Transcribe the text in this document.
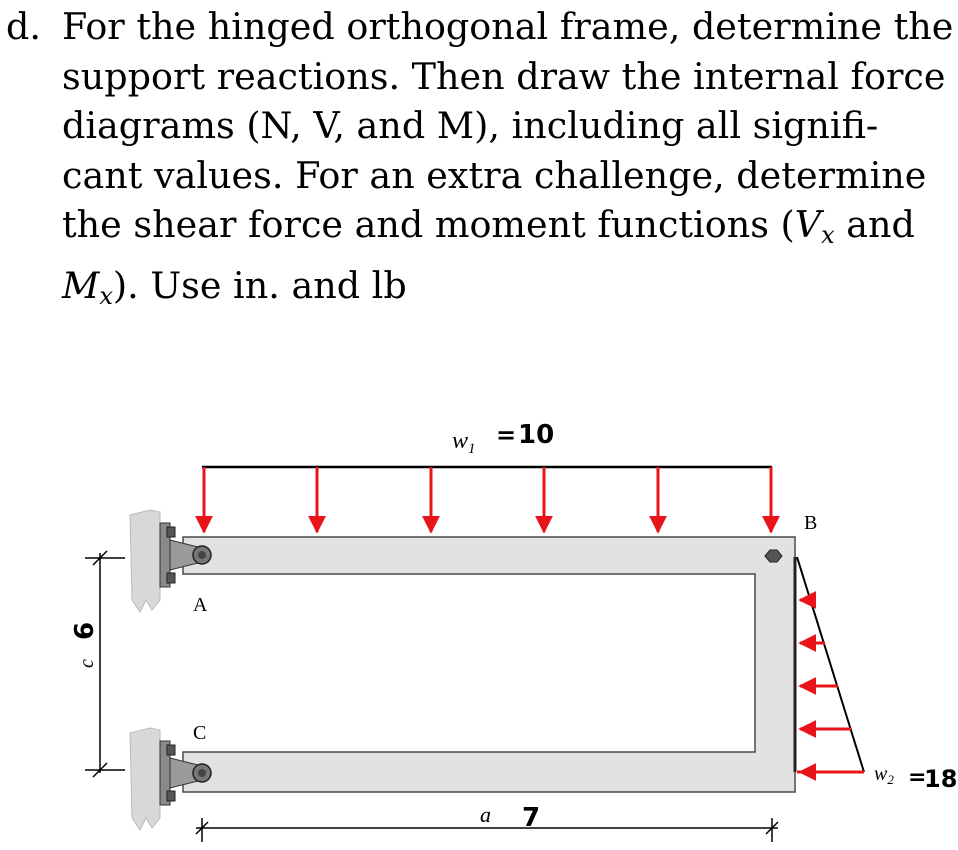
d. For the hinged orthogonal frame, determine the

support reactions. Then draw the internal force

diagrams (N, V, and M), including all signifi-

cant values. For an extra challenge, determine

the shear force and moment functions ($V_x$ and

$M_x$). Use in. and lb

$w_1 = 10$
A
B
C
$w_2$ =
18
c
6
a 7
